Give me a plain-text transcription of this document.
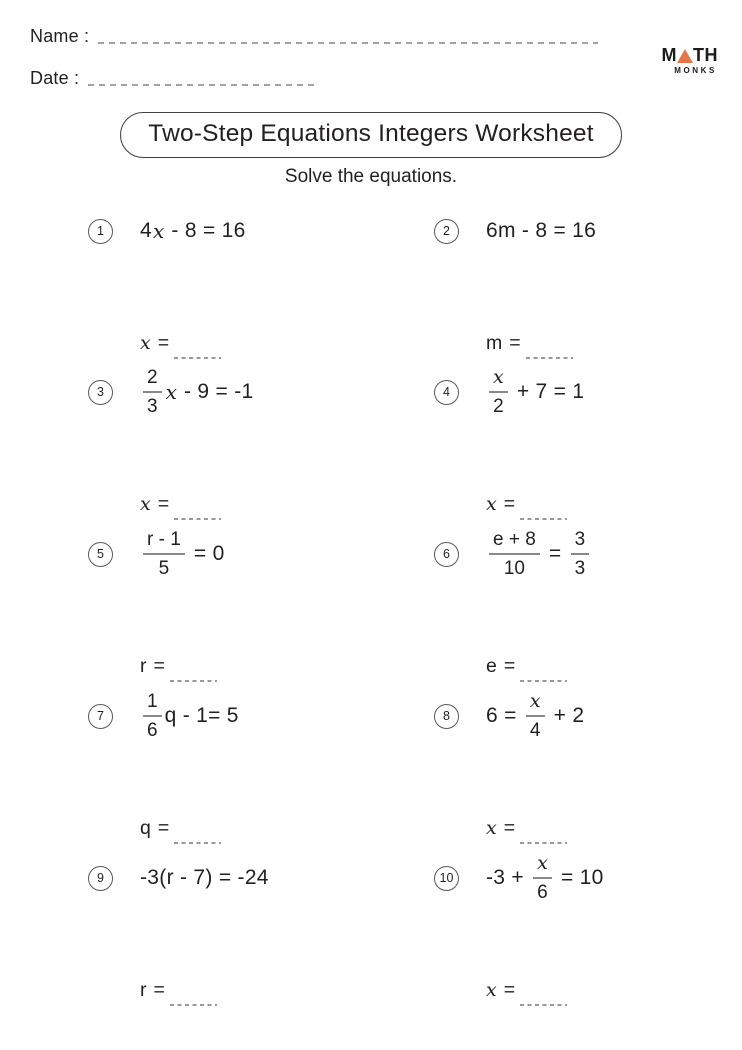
Name :
Date :
M TH
MONKS
Two-Step Equations Integers Worksheet
Solve the equations.
1	4 x - 8 = 16
x =
2	6m - 8 = 16
m =
3	$\frac{2}{3}$ x - 9 = -1
x =
4	$\frac{x}{2} + 7 = 1$
x =
5	$\frac{r - 1}{5} = 0$
r =
6	$\frac{e + 8}{10} = \frac{3}{3}$
e =
7	$\frac{1}{6}$ q - 1= 5
q =
8	$6 = \frac{x}{4} + 2$
x =
9	-3(r - 7) = -24
r =
10 $-3 + \frac{x}{6} = 10$
x =
